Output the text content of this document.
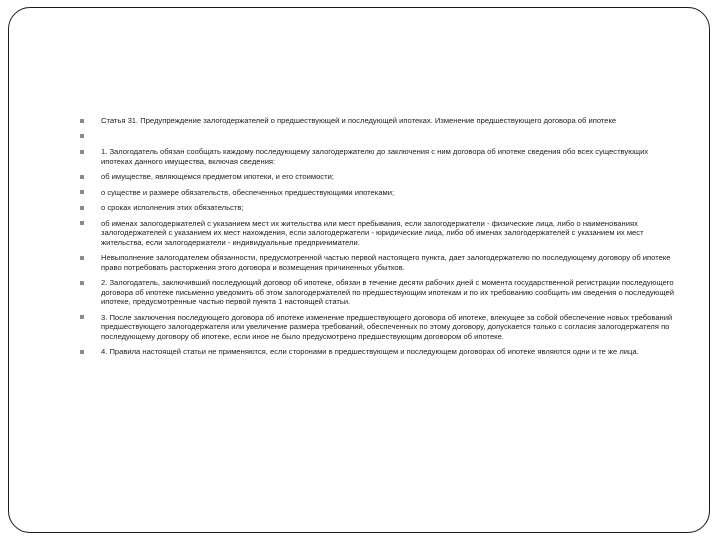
Статья 31. Предупреждение залогодержателей о предшествующей и последующей ипотеках. Изменение предшествующего договора об ипотеке
1. Залогодатель обязан сообщать каждому последующему залогодержателю до заключения с ним договора об ипотеке сведения обо всех существующих ипотеках данного имущества, включая сведения:
об имуществе, являющемся предметом ипотеки, и его стоимости;
о существе и размере обязательств, обеспеченных предшествующими ипотеками;
о сроках исполнения этих обязательств;
об именах залогодержателей с указанием мест их жительства или мест пребывания, если залогодержатели - физические лица, либо о наименованиях залогодержателей с указанием их мест нахождения, если залогодержатели - юридические лица, либо об именах залогодержателей с указанием их мест жительства, если залогодержатели - индивидуальные предприниматели.
Невыполнение залогодателем обязанности, предусмотренной частью первой настоящего пункта, дает залогодержателю по последующему договору об ипотеке право потребовать расторжения этого договора и возмещения причиненных убытков.
2. Залогодатель, заключивший последующий договор об ипотеке, обязан в течение десяти рабочих дней с момента государственной регистрации последующего договора об ипотеке письменно уведомить об этом залогодержателей по предшествующим ипотекам и по их требованию сообщить им сведения о последующей ипотеке, предусмотренные частью первой пункта 1 настоящей статьи.
3. После заключения последующего договора об ипотеке изменение предшествующего договора об ипотеке, влекущее за собой обеспечение новых требований предшествующего залогодержателя или увеличение размера требований, обеспеченных по этому договору, допускается только с согласия залогодержателя по последующему договору об ипотеке, если иное не было предусмотрено предшествующим договором об ипотеке.
4. Правила настоящей статьи не применяются, если сторонами в предшествующем и последующем договорах об ипотеке являются одни и те же лица.
